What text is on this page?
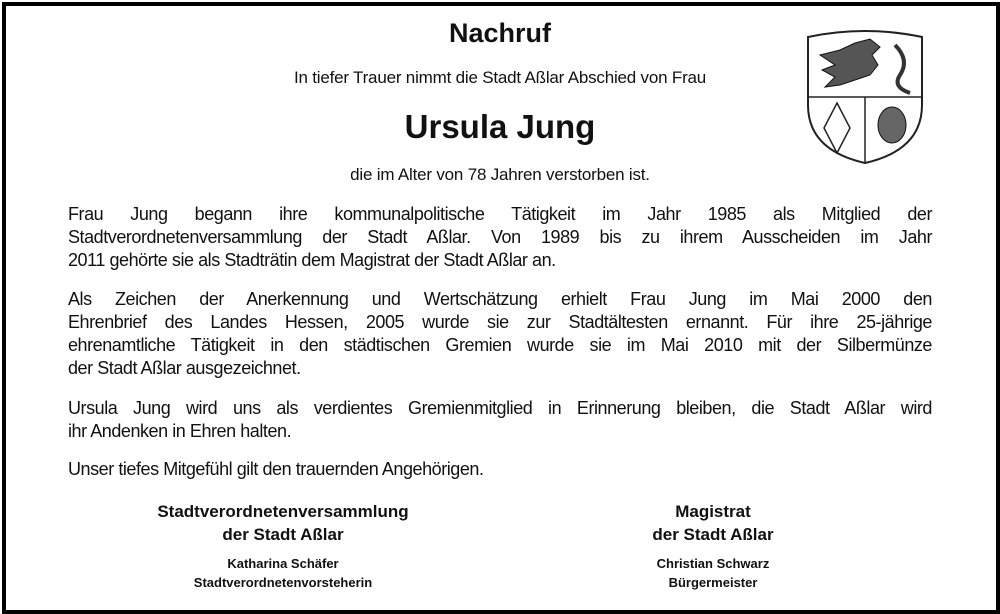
Nachruf
In tiefer Trauer nimmt die Stadt Aßlar Abschied von Frau
Ursula Jung
die im Alter von 78 Jahren verstorben ist.
Frau Jung begann ihre kommunalpolitische Tätigkeit im Jahr 1985 als Mitglied der
Stadtverordnetenversammlung der Stadt Aßlar. Von 1989 bis zu ihrem Ausscheiden im Jahr
2011 gehörte sie als Stadträtin dem Magistrat der Stadt Aßlar an.
Als Zeichen der Anerkennung und Wertschätzung erhielt Frau Jung im Mai 2000 den
Ehrenbrief des Landes Hessen, 2005 wurde sie zur Stadtältesten ernannt. Für ihre 25-jährige
ehrenamtliche Tätigkeit in den städtischen Gremien wurde sie im Mai 2010 mit der Silbermünze
der Stadt Aßlar ausgezeichnet.
Ursula Jung wird uns als verdientes Gremienmitglied in Erinnerung bleiben, die Stadt Aßlar wird
ihr Andenken in Ehren halten.
Unser tiefes Mitgefühl gilt den trauernden Angehörigen.
Stadtverordnetenversammlung
der Stadt Aßlar
Katharina Schäfer
Stadtverordnetenvorsteherin
Magistrat
der Stadt Aßlar
Christian Schwarz
Bürgermeister
